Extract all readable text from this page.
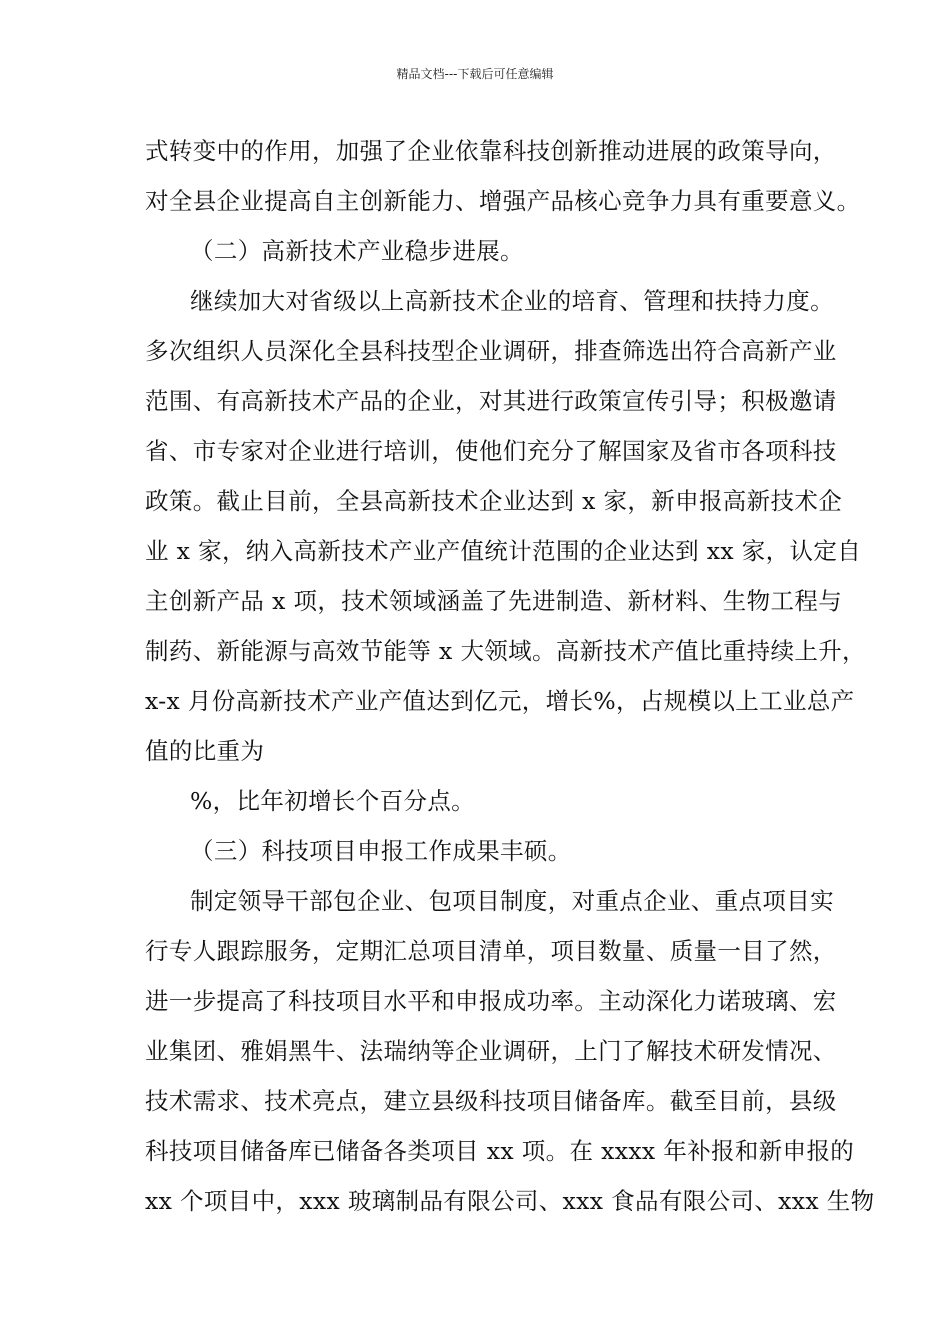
精品文档---下载后可任意编辑
式转变中的作用，加强了企业依靠科技创新推动进展的政策导向，
对全县企业提高自主创新能力、增强产品核心竞争力具有重要意义。
（二）高新技术产业稳步进展。
继续加大对省级以上高新技术企业的培育、管理和扶持力度。
多次组织人员深化全县科技型企业调研，排查筛选出符合高新产业
范围、有高新技术产品的企业，对其进行政策宣传引导；积极邀请
省、市专家对企业进行培训，使他们充分了解国家及省市各项科技
政策。截止目前，全县高新技术企业达到 x 家，新申报高新技术企
业 x 家，纳入高新技术产业产值统计范围的企业达到 xx 家，认定自
主创新产品 x 项，技术领域涵盖了先进制造、新材料、生物工程与
制药、新能源与高效节能等 x 大领域。高新技术产值比重持续上升，
x-x 月份高新技术产业产值达到亿元，增长%，占规模以上工业总产
值的比重为
%，比年初增长个百分点。
（三）科技项目申报工作成果丰硕。
制定领导干部包企业、包项目制度，对重点企业、重点项目实
行专人跟踪服务，定期汇总项目清单，项目数量、质量一目了然，
进一步提高了科技项目水平和申报成功率。主动深化力诺玻璃、宏
业集团、雅娟黑牛、法瑞纳等企业调研，上门了解技术研发情况、
技术需求、技术亮点，建立县级科技项目储备库。截至目前，县级
科技项目储备库已储备各类项目 xx 项。在 xxxx 年补报和新申报的
xx 个项目中，xxx 玻璃制品有限公司、xxx 食品有限公司、xxx 生物
